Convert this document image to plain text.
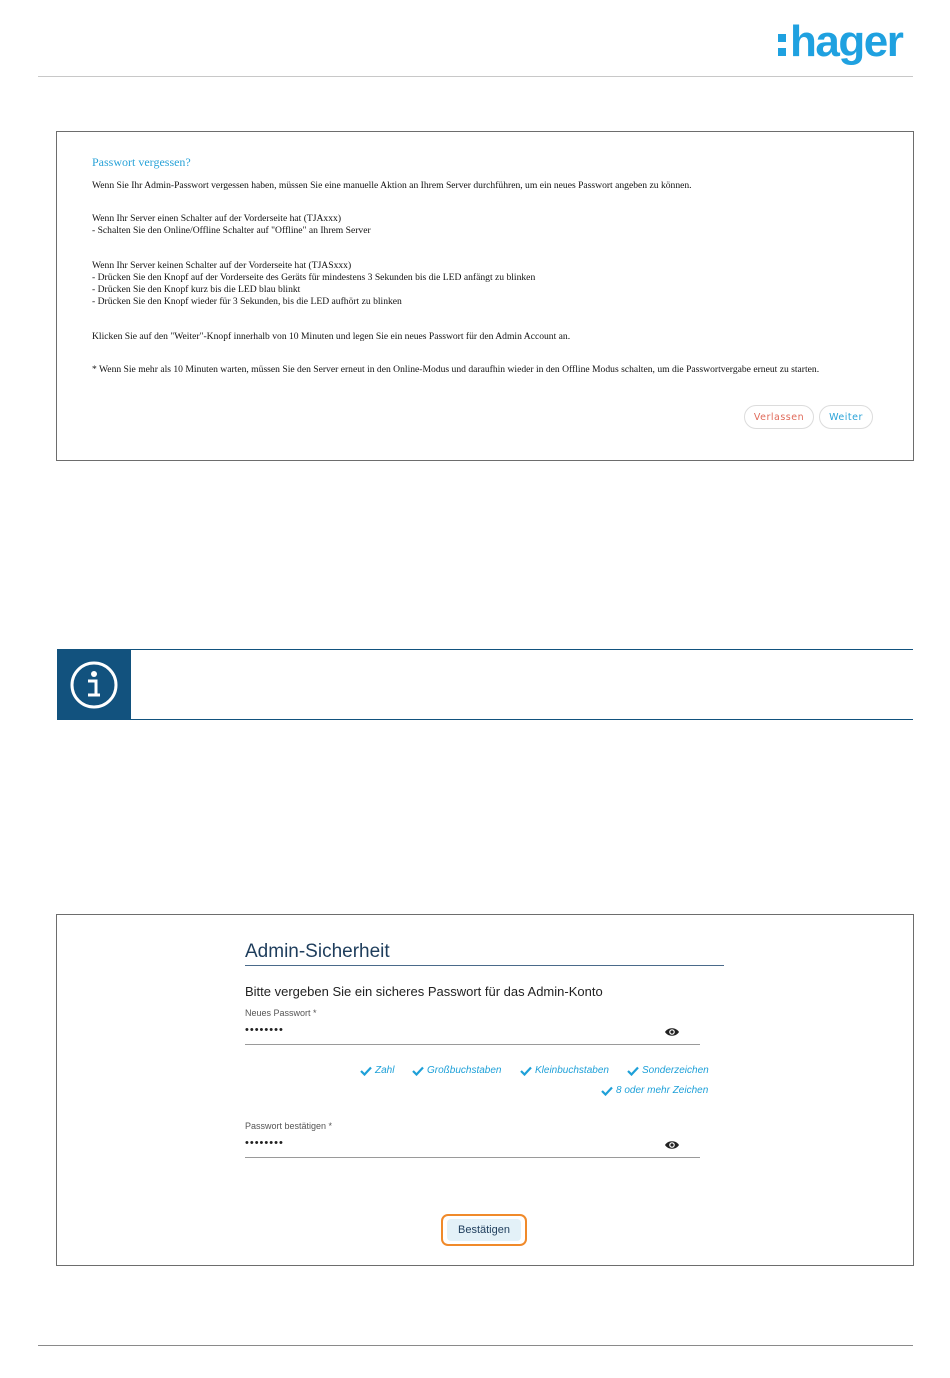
hager
Passwort vergessen?
Wenn Sie Ihr Admin-Passwort vergessen haben, müssen Sie eine manuelle Aktion an Ihrem Server durchführen, um ein neues Passwort angeben zu können.
Wenn Ihr Server einen Schalter auf der Vorderseite hat (TJAxxx)
- Schalten Sie den Online/Offline Schalter auf "Offline" an Ihrem Server
Wenn Ihr Server keinen Schalter auf der Vorderseite hat (TJASxxx)
- Drücken Sie den Knopf auf der Vorderseite des Geräts für mindestens 3 Sekunden bis die LED anfängt zu blinken
- Drücken Sie den Knopf kurz bis die LED blau blinkt
- Drücken Sie den Knopf wieder für 3 Sekunden, bis die LED aufhört zu blinken
Klicken Sie auf den "Weiter"-Knopf innerhalb von 10 Minuten und legen Sie ein neues Passwort für den Admin Account an.
* Wenn Sie mehr als 10 Minuten warten, müssen Sie den Server erneut in den Online-Modus und daraufhin wieder in den Offline Modus schalten, um die Passwortvergabe erneut zu starten.
Verlassen	Weiter
Admin-Sicherheit
Bitte vergeben Sie ein sicheres Passwort für das Admin-Konto
Neues Passwort *
••••••••
Zahl	Großbuchstaben	Kleinbuchstaben	Sonderzeichen
8 oder mehr Zeichen
Passwort bestätigen *
••••••••
Bestätigen
